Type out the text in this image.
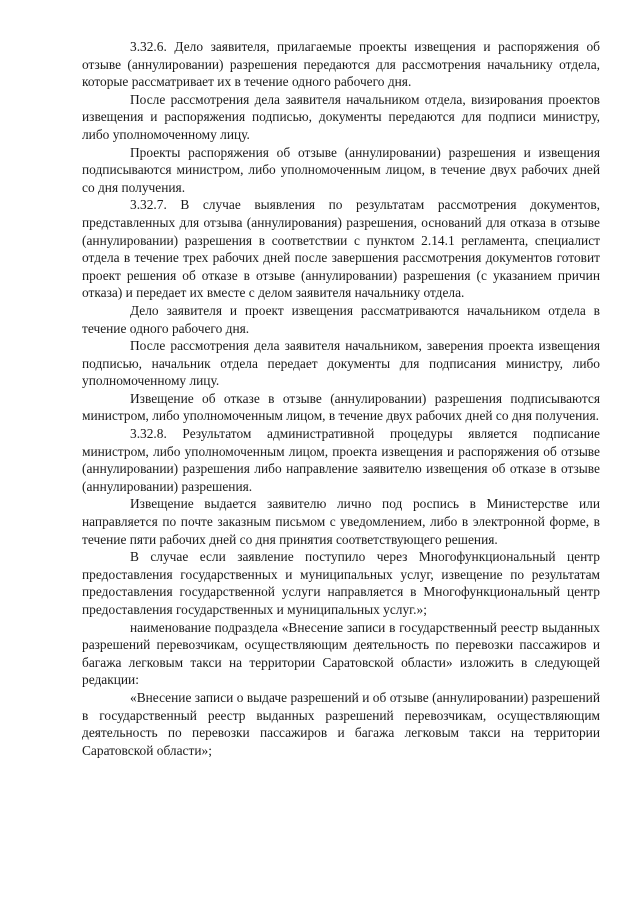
3.32.6. Дело заявителя, прилагаемые проекты извещения и распоряжения об отзыве (аннулировании) разрешения передаются для рассмотрения начальнику отдела, которые рассматривает их в течение одного рабочего дня.

После рассмотрения дела заявителя начальником отдела, визирования проектов извещения и распоряжения подписью, документы передаются для подписи министру, либо уполномоченному лицу.

Проекты распоряжения об отзыве (аннулировании) разрешения и извещения подписываются министром, либо уполномоченным лицом, в течение двух рабочих дней со дня получения.

3.32.7. В случае выявления по результатам рассмотрения документов, представленных для отзыва (аннулирования) разрешения, оснований для отказа в отзыве (аннулировании) разрешения в соответствии с пунктом 2.14.1 регламента, специалист отдела в течение трех рабочих дней после завершения рассмотрения документов готовит проект решения об отказе в отзыве (аннулировании) разрешения (с указанием причин отказа) и передает их вместе с делом заявителя начальнику отдела.

Дело заявителя и проект извещения рассматриваются начальником отдела в течение одного рабочего дня.

После рассмотрения дела заявителя начальником, заверения проекта извещения подписью, начальник отдела передает документы для подписания министру, либо уполномоченному лицу.

Извещение об отказе в отзыве (аннулировании) разрешения подписываются министром, либо уполномоченным лицом, в течение двух рабочих дней со дня получения.

3.32.8. Результатом административной процедуры является подписание министром, либо уполномоченным лицом, проекта извещения и распоряжения об отзыве (аннулировании) разрешения либо направление заявителю извещения об отказе в отзыве (аннулировании) разрешения.

Извещение выдается заявителю лично под роспись в Министерстве или направляется по почте заказным письмом с уведомлением, либо в электронной форме, в течение пяти рабочих дней со дня принятия соответствующего решения.

В случае если заявление поступило через Многофункциональный центр предоставления государственных и муниципальных услуг, извещение по результатам предоставления государственной услуги направляется в Многофункциональный центр предоставления государственных и муниципальных услуг.»;

наименование подраздела «Внесение записи в государственный реестр выданных разрешений перевозчикам, осуществляющим деятельность по перевозки пассажиров и багажа легковым такси на территории Саратовской области» изложить в следующей редакции:

«Внесение записи о выдаче разрешений и об отзыве (аннулировании) разрешений в государственный реестр выданных разрешений перевозчикам, осуществляющим деятельность по перевозки пассажиров и багажа легковым такси на территории Саратовской области»;
